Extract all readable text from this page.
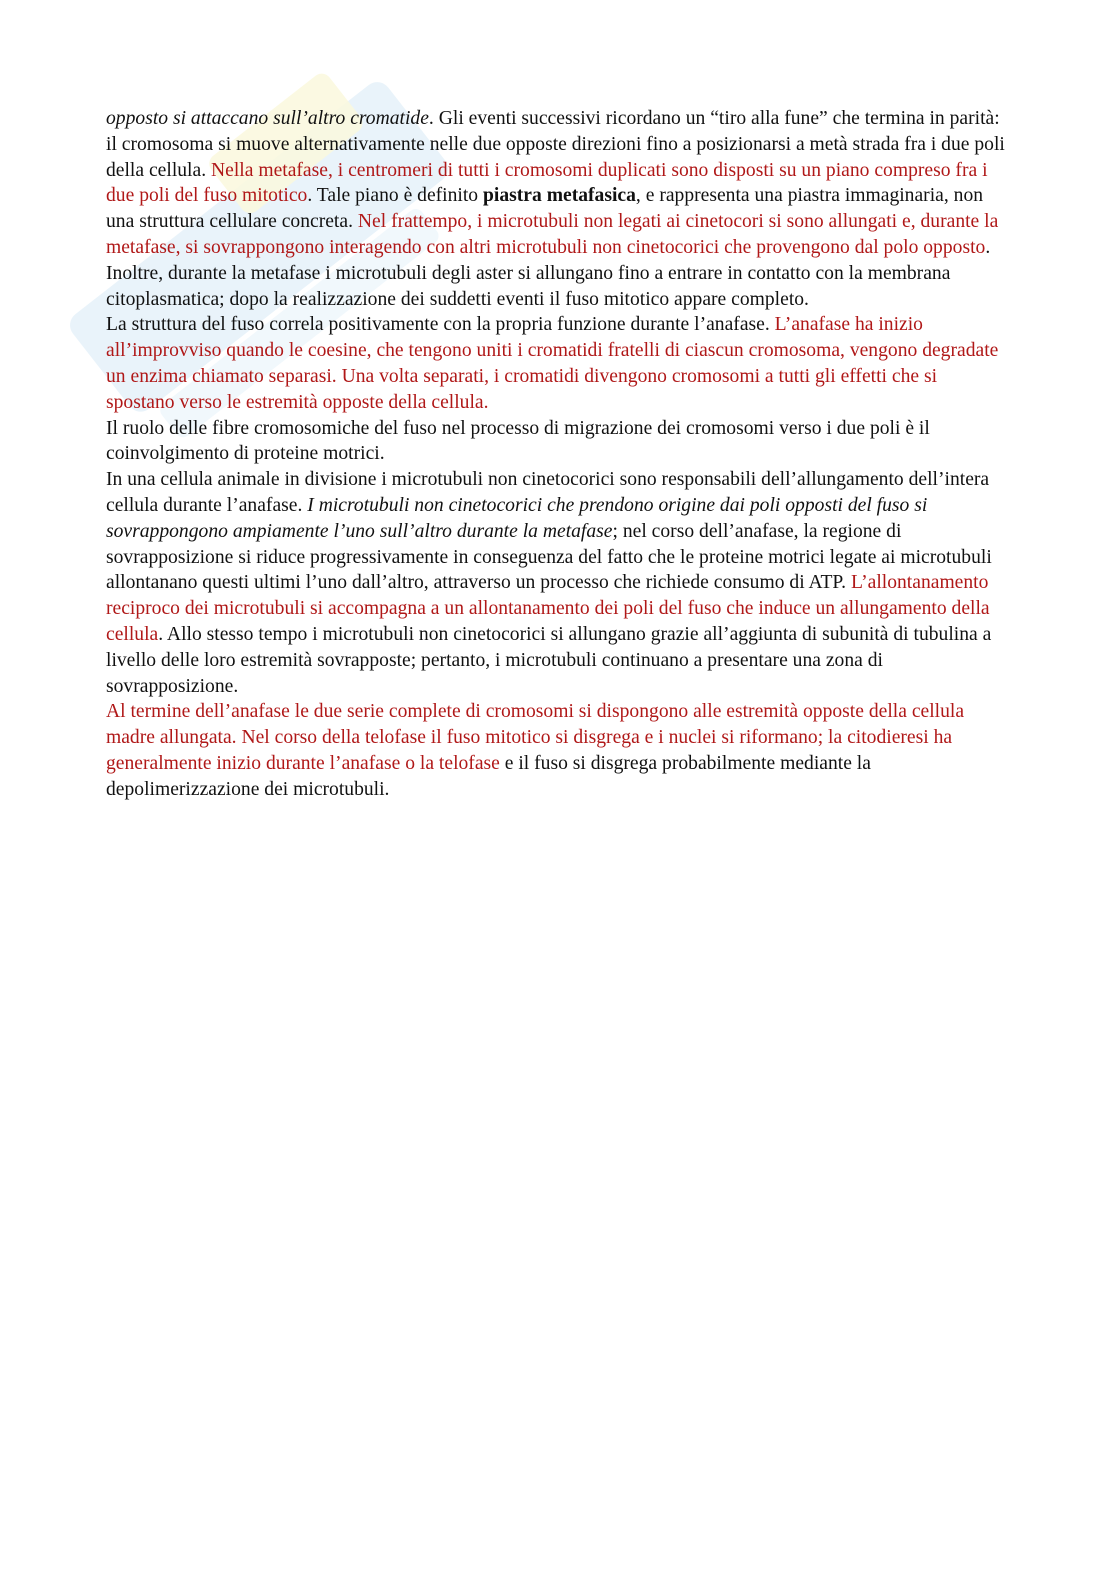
opposto si attaccano sull’altro cromatide. Gli eventi successivi ricordano un “tiro alla fune” che termina in parità: il cromosoma si muove alternativamente nelle due opposte direzioni fino a posizionarsi a metà strada fra i due poli della cellula. Nella metafase, i centromeri di tutti i cromosomi duplicati sono disposti su un piano compreso fra i due poli del fuso mitotico. Tale piano è definito piastra metafasica, e rappresenta una piastra immaginaria, non una struttura cellulare concreta. Nel frattempo, i microtubuli non legati ai cinetocori si sono allungati e, durante la metafase, si sovrappongono interagendo con altri microtubuli non cinetocorici che provengono dal polo opposto. Inoltre, durante la metafase i microtubuli degli aster si allungano fino a entrare in contatto con la membrana citoplasmatica; dopo la realizzazione dei suddetti eventi il fuso mitotico appare completo.

La struttura del fuso correla positivamente con la propria funzione durante l’anafase. L’anafase ha inizio all’improvviso quando le coesine, che tengono uniti i cromatidi fratelli di ciascun cromosoma, vengono degradate un enzima chiamato separasi. Una volta separati, i cromatidi divengono cromosomi a tutti gli effetti che si spostano verso le estremità opposte della cellula.

Il ruolo delle fibre cromosomiche del fuso nel processo di migrazione dei cromosomi verso i due poli è il coinvolgimento di proteine motrici.

In una cellula animale in divisione i microtubuli non cinetocorici sono responsabili dell’allungamento dell’intera cellula durante l’anafase. I microtubuli non cinetocorici che prendono origine dai poli opposti del fuso si sovrappongono ampiamente l’uno sull’altro durante la metafase; nel corso dell’anafase, la regione di sovrapposizione si riduce progressivamente in conseguenza del fatto che le proteine motrici legate ai microtubuli allontanano questi ultimi l’uno dall’altro, attraverso un processo che richiede consumo di ATP. L’allontanamento reciproco dei microtubuli si accompagna a un allontanamento dei poli del fuso che induce un allungamento della cellula. Allo stesso tempo i microtubuli non cinetocorici si allungano grazie all’aggiunta di subunità di tubulina a livello delle loro estremità sovrapposte; pertanto, i microtubuli continuano a presentare una zona di sovrapposizione.

Al termine dell’anafase le due serie complete di cromosomi si dispongono alle estremità opposte della cellula madre allungata. Nel corso della telofase il fuso mitotico si disgrega e i nuclei si riformano; la citodieresi ha generalmente inizio durante l’anafase o la telofase e il fuso si disgrega probabilmente mediante la depolimerizzazione dei microtubuli.
